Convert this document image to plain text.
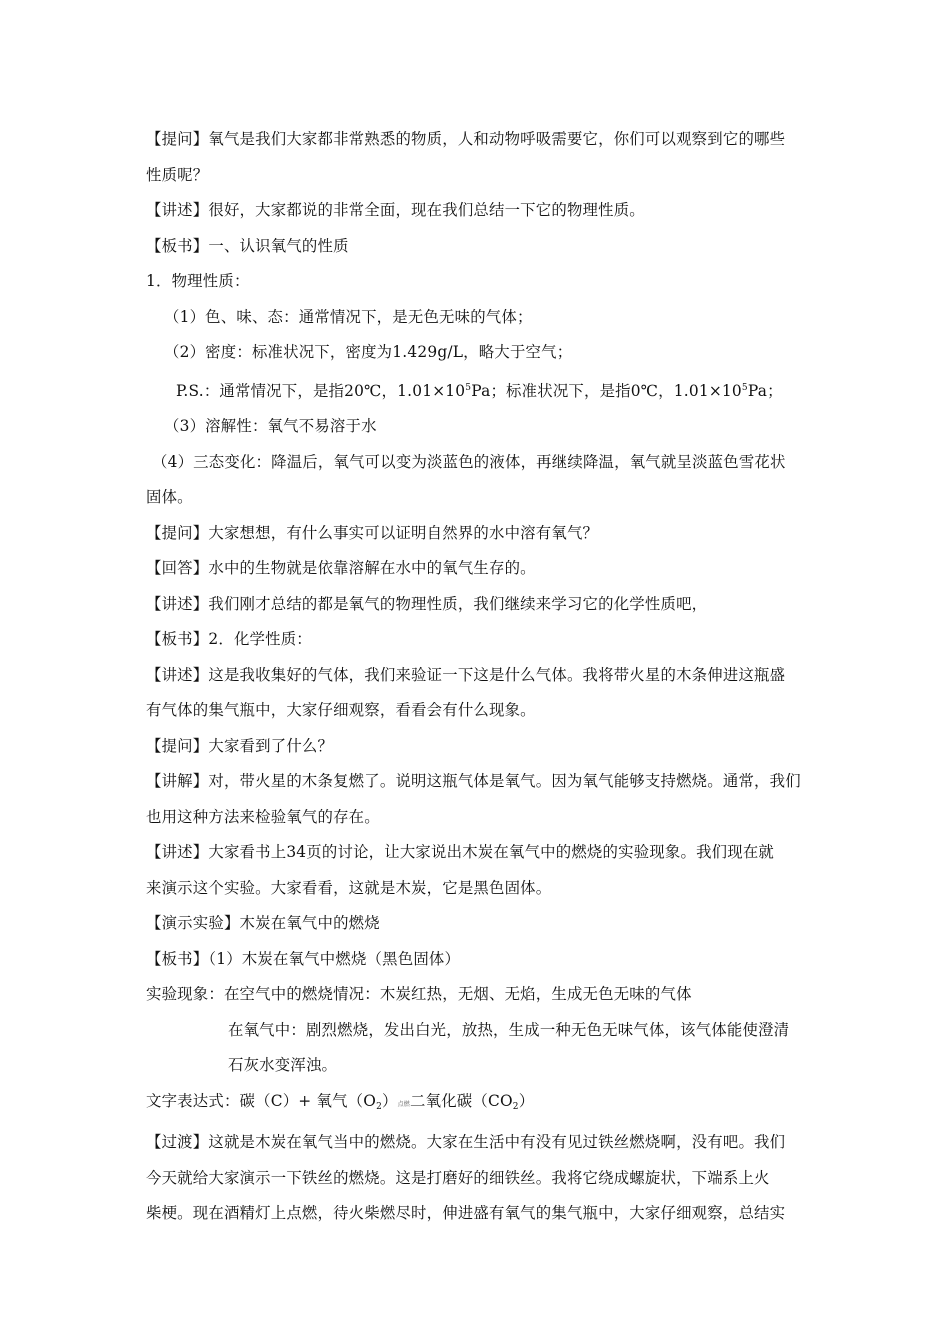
【提问】氧气是我们大家都非常熟悉的物质，人和动物呼吸需要它，你们可以观察到它的哪些
性质呢？
【讲述】很好，大家都说的非常全面，现在我们总结一下它的物理性质。
【板书】一、认识氧气的性质
1．物理性质：
（1）色、味、态：通常情况下，是无色无味的气体；
（2）密度：标准状况下，密度为1.429g/L，略大于空气；
P.S.：通常情况下，是指20℃，$1.01\times 10^5Pa$；标准状况下，是指0℃，$1.01\times 10^5Pa$；
（3）溶解性：氧气不易溶于水
（4）三态变化：降温后，氧气可以变为淡蓝色的液体，再继续降温，氧气就呈淡蓝色雪花状
固体。
【提问】大家想想，有什么事实可以证明自然界的水中溶有氧气？
【回答】水中的生物就是依靠溶解在水中的氧气生存的。
【讲述】我们刚才总结的都是氧气的物理性质，我们继续来学习它的化学性质吧，
【板书】2．化学性质：
【讲述】这是我收集好的气体，我们来验证一下这是什么气体。我将带火星的木条伸进这瓶盛
有气体的集气瓶中，大家仔细观察，看看会有什么现象。
【提问】大家看到了什么？
【讲解】对，带火星的木条复燃了。说明这瓶气体是氧气。因为氧气能够支持燃烧。通常，我们
也用这种方法来检验氧气的存在。
【讲述】大家看书上34页的讨论，让大家说出木炭在氧气中的燃烧的实验现象。我们现在就
来演示这个实验。大家看看，这就是木炭，它是黑色固体。
【演示实验】木炭在氧气中的燃烧
【板书】（1）木炭在氧气中燃烧（黑色固体）
实验现象：在空气中的燃烧情况：木炭红热，无烟、无焰，生成无色无味的气体
在氧气中：剧烈燃烧，发出白光，放热，生成一种无色无味气体，该气体能使澄清
石灰水变浑浊。
文字表达式：碳（C）+ 氧气$(O_2)$点燃二氧化碳$(CO_2)$
【过渡】这就是木炭在氧气当中的燃烧。大家在生活中有没有见过铁丝燃烧啊，没有吧。我们
今天就给大家演示一下铁丝的燃烧。这是打磨好的细铁丝。我将它绕成螺旋状，下端系上火
柴梗。现在酒精灯上点燃，待火柴燃尽时，伸进盛有氧气的集气瓶中，大家仔细观察，总结实
